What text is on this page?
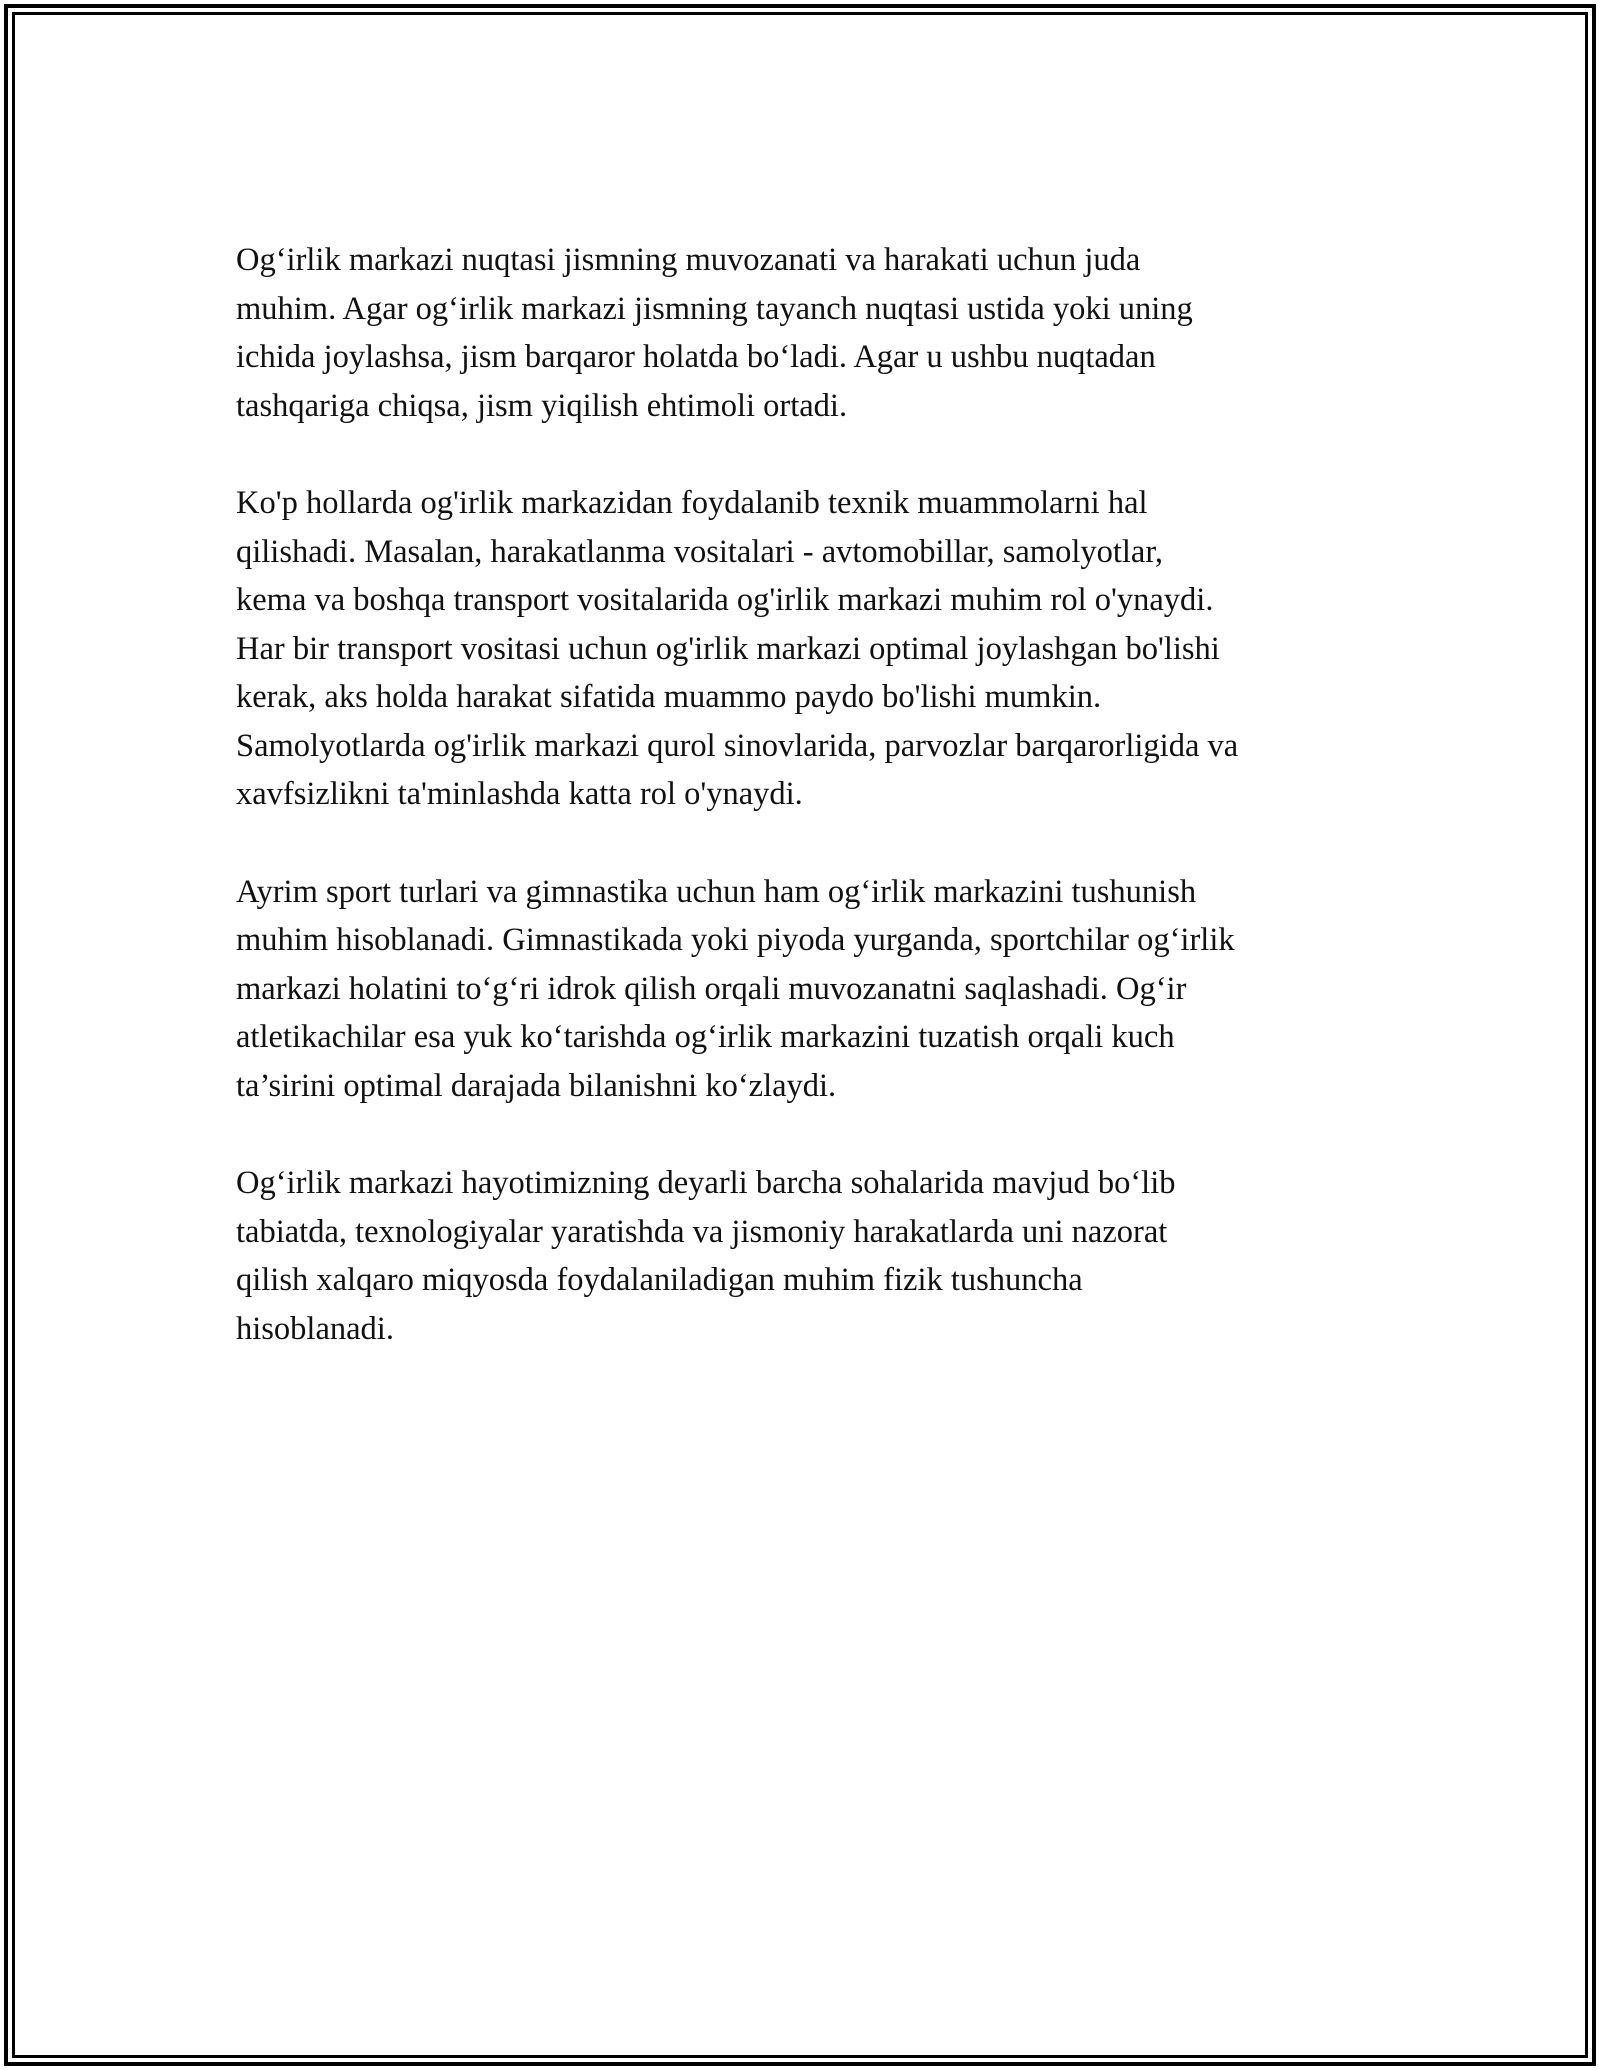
Og‘irlik markazi nuqtasi jismning muvozanati va harakati uchun juda
muhim. Agar og‘irlik markazi jismning tayanch nuqtasi ustida yoki uning
ichida joylashsa, jism barqaror holatda bo‘ladi. Agar u ushbu nuqtadan
tashqariga chiqsa, jism yiqilish ehtimoli ortadi.

Ko'p hollarda og'irlik markazidan foydalanib texnik muammolarni hal
qilishadi. Masalan, harakatlanma vositalari - avtomobillar, samolyotlar,
kema va boshqa transport vositalarida og'irlik markazi muhim rol o'ynaydi.
Har bir transport vositasi uchun og'irlik markazi optimal joylashgan bo'lishi
kerak, aks holda harakat sifatida muammo paydo bo'lishi mumkin.
Samolyotlarda og'irlik markazi qurol sinovlarida, parvozlar barqarorligida va
xavfsizlikni ta'minlashda katta rol o'ynaydi.

Ayrim sport turlari va gimnastika uchun ham og‘irlik markazini tushunish
muhim hisoblanadi. Gimnastikada yoki piyoda yurganda, sportchilar og‘irlik
markazi holatini to‘g‘ri idrok qilish orqali muvozanatni saqlashadi. Og‘ir
atletikachilar esa yuk ko‘tarishda og‘irlik markazini tuzatish orqali kuch
ta’sirini optimal darajada bilanishni ko‘zlaydi.

Og‘irlik markazi hayotimizning deyarli barcha sohalarida mavjud bo‘lib
tabiatda, texnologiyalar yaratishda va jismoniy harakatlarda uni nazorat
qilish xalqaro miqyosda foydalaniladigan muhim fizik tushuncha
hisoblanadi.
